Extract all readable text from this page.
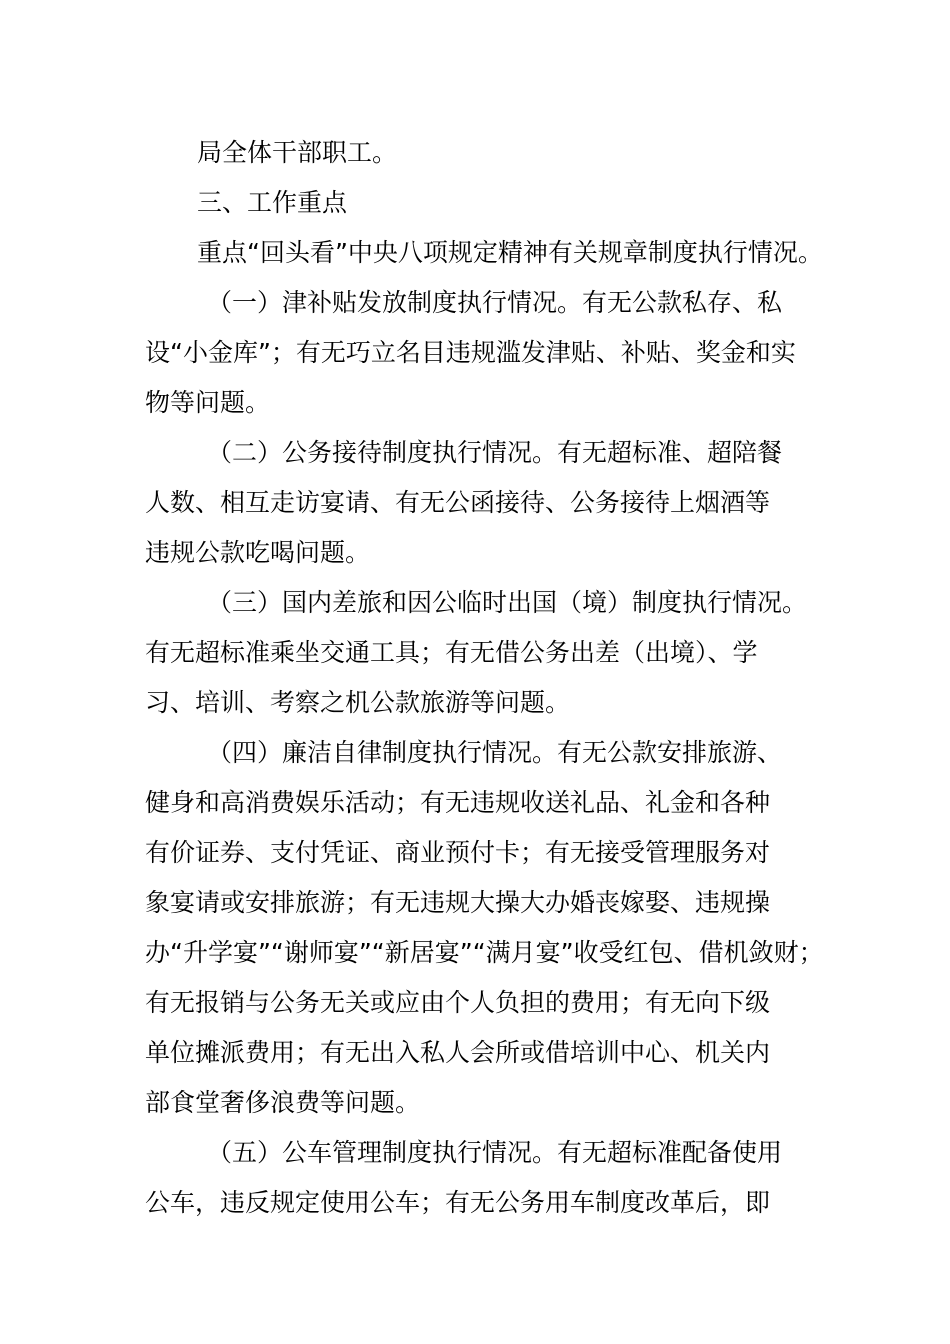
局全体干部职工。
三、工作重点
重点“回头看”中央八项规定精神有关规章制度执行情况。
（一）津补贴发放制度执行情况。有无公款私存、私
设“小金库”；有无巧立名目违规滥发津贴、补贴、奖金和实
物等问题。
（二）公务接待制度执行情况。有无超标准、超陪餐
人数、相互走访宴请、有无公函接待、公务接待上烟酒等
违规公款吃喝问题。
（三）国内差旅和因公临时出国（境）制度执行情况。
有无超标准乘坐交通工具；有无借公务出差（出境）、学
习、培训、考察之机公款旅游等问题。
（四）廉洁自律制度执行情况。有无公款安排旅游、
健身和高消费娱乐活动；有无违规收送礼品、礼金和各种
有价证券、支付凭证、商业预付卡；有无接受管理服务对
象宴请或安排旅游；有无违规大操大办婚丧嫁娶、违规操
办“升学宴”“谢师宴”“新居宴”“满月宴”收受红包、借机敛财；
有无报销与公务无关或应由个人负担的费用；有无向下级
单位摊派费用；有无出入私人会所或借培训中心、机关内
部食堂奢侈浪费等问题。
（五）公车管理制度执行情况。有无超标准配备使用
公车，违反规定使用公车；有无公务用车制度改革后，即
